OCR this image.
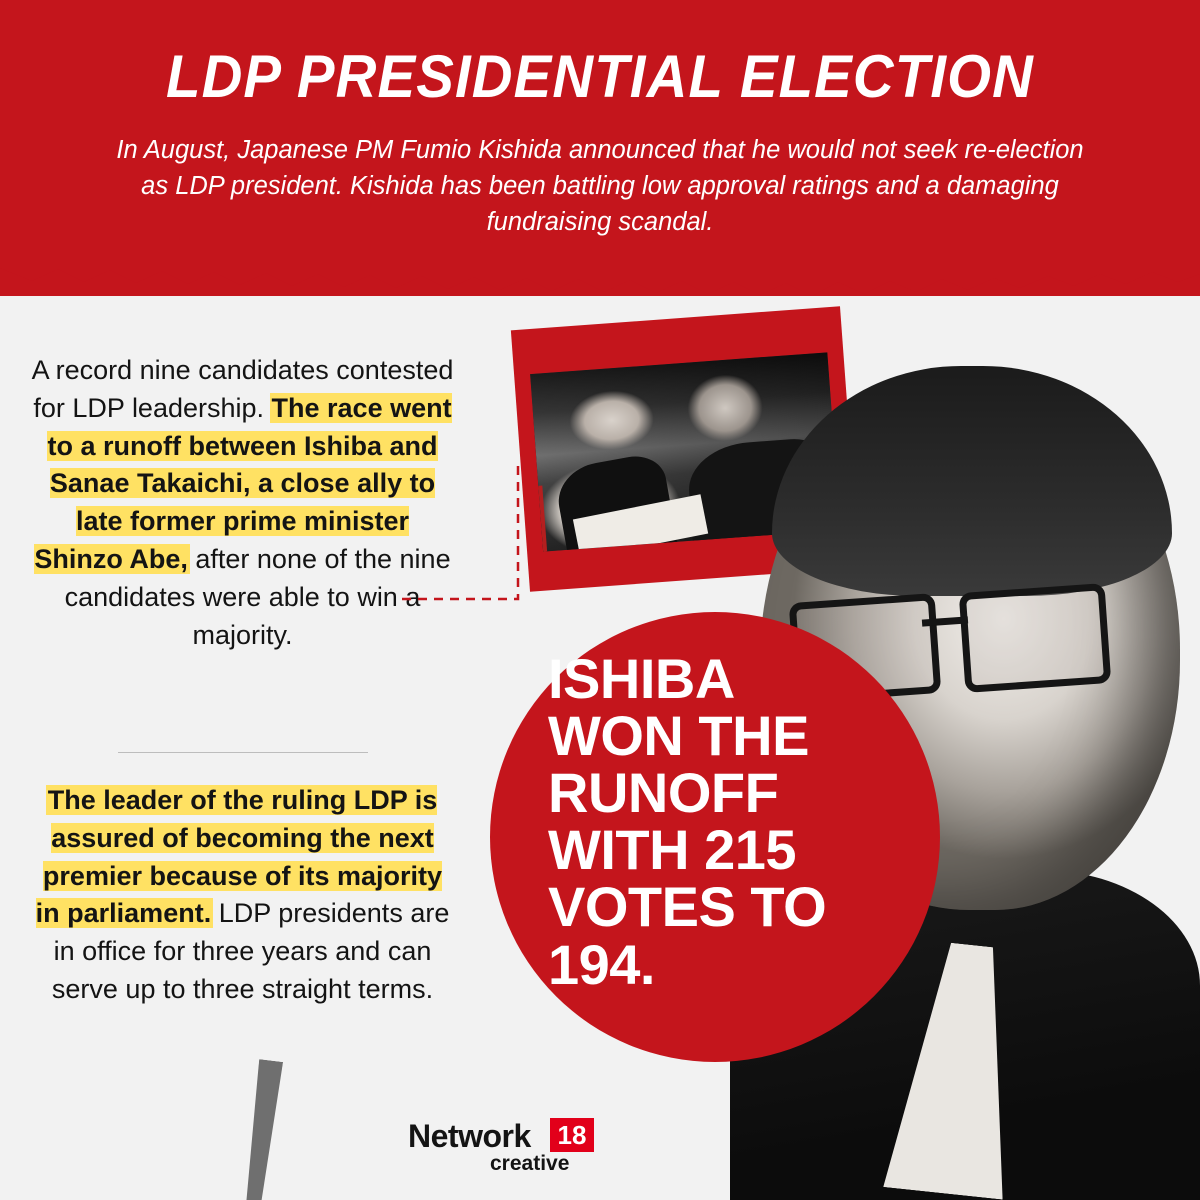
LDP PRESIDENTIAL ELECTION
In August, Japanese PM Fumio Kishida announced that he would not seek re-election as LDP president. Kishida has been battling low approval ratings and a damaging fundraising scandal.
A record nine candidates contested for LDP leadership. The race went to a runoff between Ishiba and Sanae Takaichi, a close ally to late former prime minister Shinzo Abe, after none of the nine candidates were able to win a majority.
The leader of the ruling LDP is assured of becoming the next premier because of its majority in parliament. LDP presidents are in office for three years and can serve up to three straight terms.
ISHIBA WON THE RUNOFF WITH 215 VOTES TO 194.
Network 18
creative
